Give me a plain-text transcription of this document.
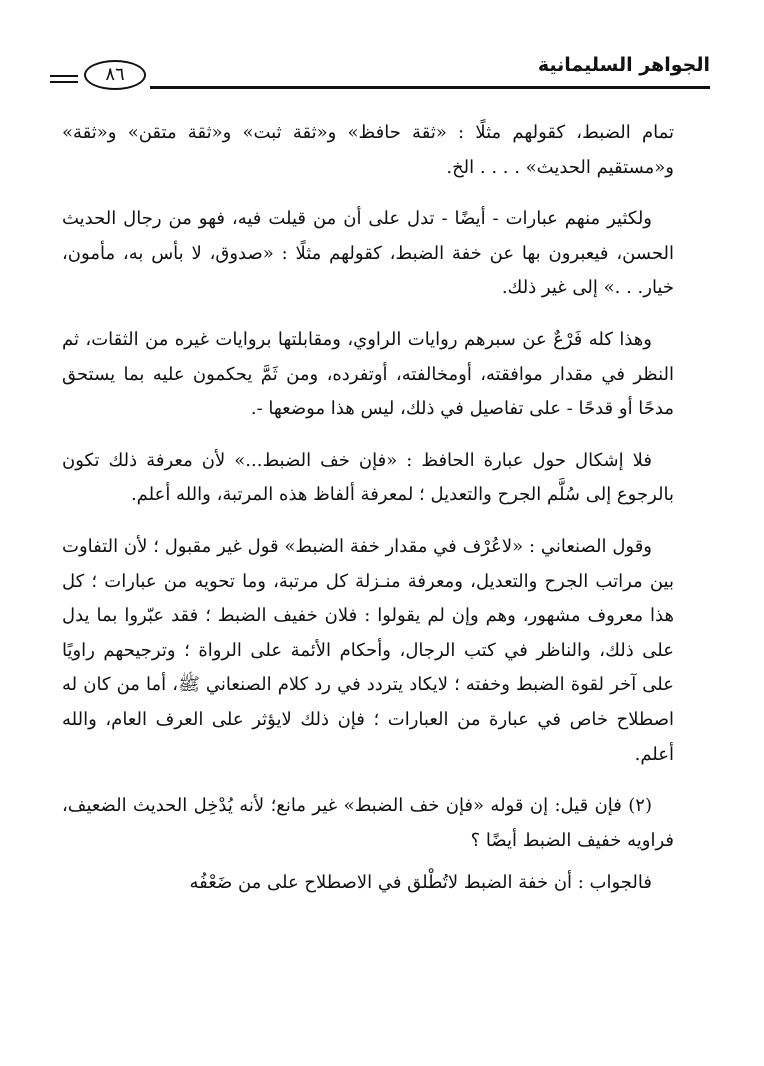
٨٦	الجواهر السليمانية

تمام الضبط، كقولهم مثلًا : «ثقة حافظ» و«ثقة ثبت» و«ثقة متقن» و«ثقة» و«مستقيم الحديث» . . . . الخ.

ولكثير منهم عبارات - أيضًا - تدل على أن من قيلت فيه، فهو من رجال الحديث الحسن، فيعبرون بها عن خفة الضبط، كقولهم مثلًا : «صدوق، لا بأس به، مأمون، خيار. . .» إلى غير ذلك.

وهذا كله فَرْعٌ عن سبرهم روايات الراوي، ومقابلتها بروايات غيره من الثقات، ثم النظر في مقدار موافقته، أومخالفته، أوتفرده، ومن ثَمَّ يحكمون عليه بما يستحق مدحًا أو قدحًا - على تفاصيل في ذلك، ليس هذا موضعها -.

فلا إشكال حول عبارة الحافظ : «فإن خف الضبط...» لأن معرفة ذلك تكون بالرجوع إلى سُلَّم الجرح والتعديل ؛ لمعرفة ألفاظ هذه المرتبة، والله أعلم.

وقول الصنعاني : «لاعُرْف في مقدار خفة الضبط» قول غير مقبول ؛ لأن التفاوت بين مراتب الجرح والتعديل، ومعرفة منـزلة كل مرتبة، وما تحويه من عبارات ؛ كل هذا معروف مشهور، وهم وإن لم يقولوا : فلان خفيف الضبط ؛ فقد عبّروا بما يدل على ذلك، والناظر في كتب الرجال، وأحكام الأئمة على الرواة ؛ وترجيحهم راويًا على آخر لقوة الضبط وخفته ؛ لايكاد يتردد في رد كلام الصنعاني ﷺ، أما من كان له اصطلاح خاص في عبارة من العبارات ؛ فإن ذلك لايؤثر على العرف العام، والله أعلم.

(٢) فإن قيل: إن قوله «فإن خف الضبط» غير مانع؛ لأنه يُدْخِل الحديث الضعيف، فراويه خفيف الضبط أيضًا ؟

فالجواب : أن خفة الضبط لاتُطْلق في الاصطلاح على من ضَعْفُه
